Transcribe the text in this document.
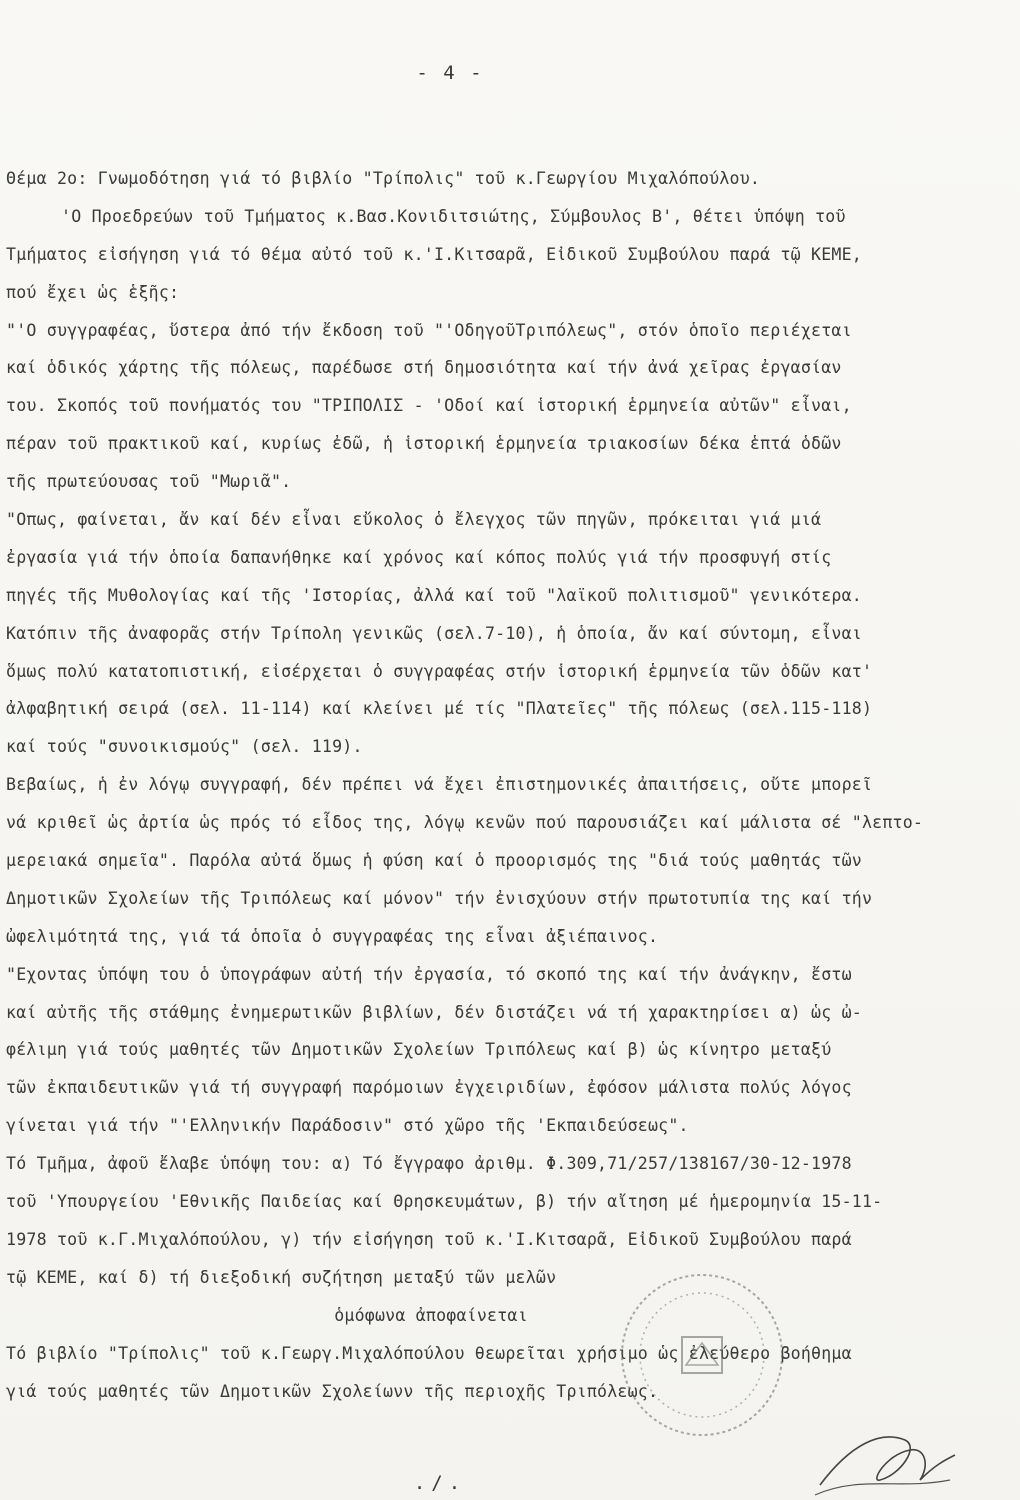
- 4 -
Θέμα 2ο: Γνωμοδότηση γιά τό βιβλίο "Τρίπολις" τοῦ κ.Γεωργίου Μιχαλόπούλου.
'Ο Προεδρεύων τοῦ Τμήματος κ.Βασ.Κονιδιτσιώτης, Σύμβουλος Β', θέτει ὑπόψη τοῦ
Τμήματος εἰσήγηση γιά τό θέμα αὐτό τοῦ κ.'Ι.Κιτσαρᾶ, Εἰδικοῦ Συμβούλου παρά τῷ ΚΕΜΕ,
πού ἔχει ὡς ἑξῆς:
"'Ο συγγραφέας, ὕστερα ἀπό τήν ἔκδοση τοῦ "'ΟδηγοῦΤριπόλεως", στόν ὁποῖο περιέχεται
καί ὁδικός χάρτης τῆς πόλεως, παρέδωσε στή δημοσιότητα καί τήν ἀνά χεῖρας ἐργασίαν
του. Σκοπός τοῦ πονήματός του "ΤΡΙΠΟΛΙΣ - 'Οδοί καί ἱστορική ἑρμηνεία αὐτῶν" εἶναι,
πέραν τοῦ πρακτικοῦ καί, κυρίως ἐδῶ, ἡ ἱστορική ἑρμηνεία τριακοσίων δέκα ἑπτά ὁδῶν
τῆς πρωτεύουσας τοῦ "Μωριᾶ".
"Οπως, φαίνεται, ἄν καί δέν εἶναι εὔκολος ὁ ἔλεγχος τῶν πηγῶν, πρόκειται γιά μιά
ἐργασία γιά τήν ὁποία δαπανήθηκε καί χρόνος καί κόπος πολύς γιά τήν προσφυγή στίς
πηγές τῆς Μυθολογίας καί τῆς 'Ιστορίας, ἀλλά καί τοῦ "λαϊκοῦ πολιτισμοῦ" γενικότερα.
Κατόπιν τῆς ἀναφορᾶς στήν Τρίπολη γενικῶς (σελ.7-10), ἡ ὁποία, ἄν καί σύντομη, εἶναι
ὅμως πολύ κατατοπιστική, εἰσέρχεται ὁ συγγραφέας στήν ἱστορική ἑρμηνεία τῶν ὁδῶν κατ'
ἀλφαβητική σειρά (σελ. 11-114) καί κλείνει μέ τίς "Πλατεῖες" τῆς πόλεως (σελ.115-118)
καί τούς "συνοικισμούς" (σελ. 119).
Βεβαίως, ἡ ἐν λόγῳ συγγραφή, δέν πρέπει νά ἔχει ἐπιστημονικές ἀπαιτήσεις, οὔτε μπορεῖ
νά κριθεῖ ὡς ἀρτία ὡς πρός τό εἶδος της, λόγῳ κενῶν πού παρουσιάζει καί μάλιστα σέ "λεπτο-
μερειακά σημεῖα". Παρόλα αὐτά ὅμως ἡ φύση καί ὁ προορισμός της "διά τούς μαθητάς τῶν
Δημοτικῶν Σχολείων τῆς Τριπόλεως καί μόνον" τήν ἐνισχύουν στήν πρωτοτυπία της καί τήν
ὠφελιμότητά της, γιά τά ὁποῖα ὁ συγγραφέας της εἶναι ἀξιέπαινος.
"Εχοντας ὑπόψη του ὁ ὑπογράφων αὐτή τήν ἐργασία, τό σκοπό της καί τήν ἀνάγκην, ἔστω
καί αὐτῆς τῆς στάθμης ἐνημερωτικῶν βιβλίων, δέν διστάζει νά τή χαρακτηρίσει α) ὡς ὠ-
φέλιμη γιά τούς μαθητές τῶν Δημοτικῶν Σχολείων Τριπόλεως καί β) ὡς κίνητρο μεταξύ
τῶν ἐκπαιδευτικῶν γιά τή συγγραφή παρόμοιων ἐγχειριδίων, ἐφόσον μάλιστα πολύς λόγος
γίνεται γιά τήν "'Ελληνικήν Παράδοσιν" στό χῶρο τῆς 'Εκπαιδεύσεως".
Τό Τμῆμα, ἀφοῦ ἔλαβε ὑπόψη του: α) Τό ἔγγραφο ἀριθμ. Φ.309,71/257/138167/30-12-1978
τοῦ 'Υπουργείου 'Εθνικῆς Παιδείας καί Θρησκευμάτων, β) τήν αἴτηση μέ ἡμερομηνία 15-11-
1978 τοῦ κ.Γ.Μιχαλόπούλου, γ) τήν εἰσήγηση τοῦ κ.'Ι.Κιτσαρᾶ, Εἰδικοῦ Συμβούλου παρά
τῷ ΚΕΜΕ, καί δ) τή διεξοδική συζήτηση μεταξύ τῶν μελῶν
ὁμόφωνα ἀποφαίνεται
Τό βιβλίο "Τρίπολις" τοῦ κ.Γεωργ.Μιχαλόπούλου θεωρεῖται χρήσιμο ὡς ἐλεύθερο βοήθημα
γιά τούς μαθητές τῶν Δημοτικῶν Σχολείωνν τῆς περιοχῆς Τριπόλεως.
./.
